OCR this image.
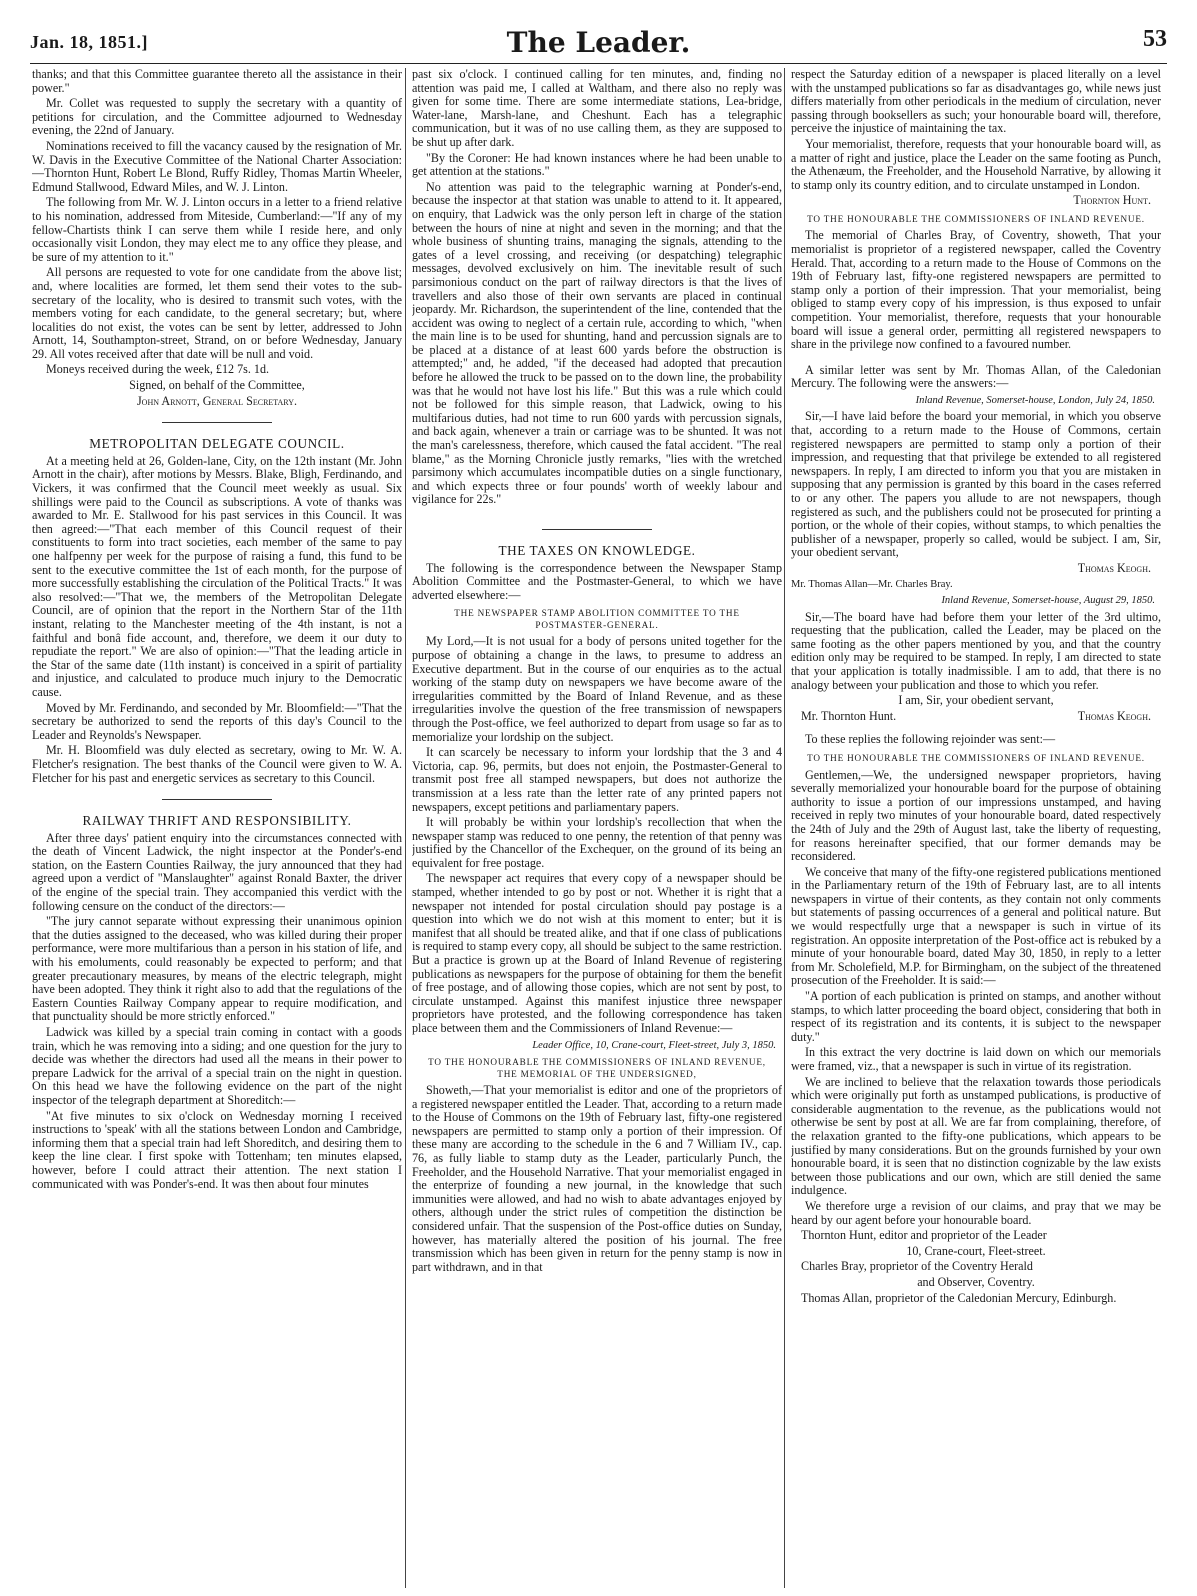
Jan. 18, 1851.]	The Leader.	53

thanks; and that this Committee guarantee thereto all the assistance in their power."

Mr. Collet was requested to supply the secretary with a quantity of petitions for circulation, and the Committee adjourned to Wednesday evening, the 22nd of January.

Nominations received to fill the vacancy caused by the resignation of Mr. W. Davis in the Executive Committee of the National Charter Association:—Thornton Hunt, Robert Le Blond, Ruffy Ridley, Thomas Martin Wheeler, Edmund Stallwood, Edward Miles, and W. J. Linton.

The following from Mr. W. J. Linton occurs in a letter to a friend relative to his nomination, addressed from Miteside, Cumberland:—"If any of my fellow-Chartists think I can serve them while I reside here, and only occasionally visit London, they may elect me to any office they please, and be sure of my attention to it."

All persons are requested to vote for one candidate from the above list; and, where localities are formed, let them send their votes to the sub-secretary of the locality, who is desired to transmit such votes, with the members voting for each candidate, to the general secretary; but, where localities do not exist, the votes can be sent by letter, addressed to John Arnott, 14, Southampton-street, Strand, on or before Wednesday, January 29. All votes received after that date will be null and void.

Moneys received during the week, £12 7s. 1d.

Signed, on behalf of the Committee,

John Arnott, General Secretary.

METROPOLITAN DELEGATE COUNCIL.

At a meeting held at 26, Golden-lane, City, on the 12th instant (Mr. John Arnott in the chair), after motions by Messrs. Blake, Bligh, Ferdinando, and Vickers, it was confirmed that the Council meet weekly as usual. Six shillings were paid to the Council as subscriptions. A vote of thanks was awarded to Mr. E. Stallwood for his past services in this Council. It was then agreed:—"That each member of this Council request of their constituents to form into tract societies, each member of the same to pay one halfpenny per week for the purpose of raising a fund, this fund to be sent to the executive committee the 1st of each month, for the purpose of more successfully establishing the circulation of the Political Tracts." It was also resolved:—"That we, the members of the Metropolitan Delegate Council, are of opinion that the report in the Northern Star of the 11th instant, relating to the Manchester meeting of the 4th instant, is not a faithful and bonâ fide account, and, therefore, we deem it our duty to repudiate the report." We are also of opinion:—"That the leading article in the Star of the same date (11th instant) is conceived in a spirit of partiality and injustice, and calculated to produce much injury to the Democratic cause.

Moved by Mr. Ferdinando, and seconded by Mr. Bloomfield:—"That the secretary be authorized to send the reports of this day's Council to the Leader and Reynolds's Newspaper.

Mr. H. Bloomfield was duly elected as secretary, owing to Mr. W. A. Fletcher's resignation. The best thanks of the Council were given to W. A. Fletcher for his past and energetic services as secretary to this Council.

RAILWAY THRIFT AND RESPONSIBILITY.

After three days' patient enquiry into the circumstances connected with the death of Vincent Ladwick, the night inspector at the Ponder's-end station, on the Eastern Counties Railway, the jury announced that they had agreed upon a verdict of "Manslaughter" against Ronald Baxter, the driver of the engine of the special train. They accompanied this verdict with the following censure on the conduct of the directors:—

"The jury cannot separate without expressing their unanimous opinion that the duties assigned to the deceased, who was killed during their proper performance, were more multifarious than a person in his station of life, and with his emoluments, could reasonably be expected to perform; and that greater precautionary measures, by means of the electric telegraph, might have been adopted. They think it right also to add that the regulations of the Eastern Counties Railway Company appear to require modification, and that punctuality should be more strictly enforced."

Ladwick was killed by a special train coming in contact with a goods train, which he was removing into a siding; and one question for the jury to decide was whether the directors had used all the means in their power to prepare Ladwick for the arrival of a special train on the night in question. On this head we have the following evidence on the part of the night inspector of the telegraph department at Shoreditch:—

"At five minutes to six o'clock on Wednesday morning I received instructions to 'speak' with all the stations between London and Cambridge, informing them that a special train had left Shoreditch, and desiring them to keep the line clear. I first spoke with Tottenham; ten minutes elapsed, however, before I could attract their attention. The next station I communicated with was Ponder's-end. It was then about four minutes

past six o'clock. I continued calling for ten minutes, and, finding no attention was paid me, I called at Waltham, and there also no reply was given for some time. There are some intermediate stations, Lea-bridge, Water-lane, Marsh-lane, and Cheshunt. Each has a telegraphic communication, but it was of no use calling them, as they are supposed to be shut up after dark.

"By the Coroner: He had known instances where he had been unable to get attention at the stations."

No attention was paid to the telegraphic warning at Ponder's-end, because the inspector at that station was unable to attend to it. It appeared, on enquiry, that Ladwick was the only person left in charge of the station between the hours of nine at night and seven in the morning; and that the whole business of shunting trains, managing the signals, attending to the gates of a level crossing, and receiving (or despatching) telegraphic messages, devolved exclusively on him. The inevitable result of such parsimonious conduct on the part of railway directors is that the lives of travellers and also those of their own servants are placed in continual jeopardy. Mr. Richardson, the superintendent of the line, contended that the accident was owing to neglect of a certain rule, according to which, "when the main line is to be used for shunting, hand and percussion signals are to be placed at a distance of at least 600 yards before the obstruction is attempted;" and, he added, "if the deceased had adopted that precaution before he allowed the truck to be passed on to the down line, the probability was that he would not have lost his life." But this was a rule which could not be followed for this simple reason, that Ladwick, owing to his multifarious duties, had not time to run 600 yards with percussion signals, and back again, whenever a train or carriage was to be shunted. It was not the man's carelessness, therefore, which caused the fatal accident. "The real blame," as the Morning Chronicle justly remarks, "lies with the wretched parsimony which accumulates incompatible duties on a single functionary, and which expects three or four pounds' worth of weekly labour and vigilance for 22s."

THE TAXES ON KNOWLEDGE.

The following is the correspondence between the Newspaper Stamp Abolition Committee and the Postmaster-General, to which we have adverted elsewhere:—

THE NEWSPAPER STAMP ABOLITION COMMITTEE TO THE POSTMASTER-GENERAL.

My Lord,—It is not usual for a body of persons united together for the purpose of obtaining a change in the laws, to presume to address an Executive department. But in the course of our enquiries as to the actual working of the stamp duty on newspapers we have become aware of the irregularities committed by the Board of Inland Revenue, and as these irregularities involve the question of the free transmission of newspapers through the Post-office, we feel authorized to depart from usage so far as to memorialize your lordship on the subject.

It can scarcely be necessary to inform your lordship that the 3 and 4 Victoria, cap. 96, permits, but does not enjoin, the Postmaster-General to transmit post free all stamped newspapers, but does not authorize the transmission at a less rate than the letter rate of any printed papers not newspapers, except petitions and parliamentary papers.

It will probably be within your lordship's recollection that when the newspaper stamp was reduced to one penny, the retention of that penny was justified by the Chancellor of the Exchequer, on the ground of its being an equivalent for free postage.

The newspaper act requires that every copy of a newspaper should be stamped, whether intended to go by post or not. Whether it is right that a newspaper not intended for postal circulation should pay postage is a question into which we do not wish at this moment to enter; but it is manifest that all should be treated alike, and that if one class of publications is required to stamp every copy, all should be subject to the same restriction. But a practice is grown up at the Board of Inland Revenue of registering publications as newspapers for the purpose of obtaining for them the benefit of free postage, and of allowing those copies, which are not sent by post, to circulate unstamped. Against this manifest injustice three newspaper proprietors have protested, and the following correspondence has taken place between them and the Commissioners of Inland Revenue:—

Leader Office, 10, Crane-court, Fleet-street, July 3, 1850.
TO THE HONOURABLE THE COMMISSIONERS OF INLAND REVENUE, THE MEMORIAL OF THE UNDERSIGNED,

Showeth,—That your memorialist is editor and one of the proprietors of a registered newspaper entitled the Leader. That, according to a return made to the House of Commons on the 19th of February last, fifty-one registered newspapers are permitted to stamp only a portion of their impression. Of these many are according to the schedule in the 6 and 7 William IV., cap. 76, as fully liable to stamp duty as the Leader, particularly Punch, the Freeholder, and the Household Narrative. That your memorialist engaged in the enterprize of founding a new journal, in the knowledge that such immunities were allowed, and had no wish to abate advantages enjoyed by others, although under the strict rules of competition the distinction be considered unfair. That the suspension of the Post-office duties on Sunday, however, has materially altered the position of his journal. The free transmission which has been given in return for the penny stamp is now in part withdrawn, and in that

respect the Saturday edition of a newspaper is placed literally on a level with the unstamped publications so far as disadvantages go, while news just differs materially from other periodicals in the medium of circulation, never passing through booksellers as such; your honourable board will, therefore, perceive the injustice of maintaining the tax.

Your memorialist, therefore, requests that your honourable board will, as a matter of right and justice, place the Leader on the same footing as Punch, the Athenæum, the Freeholder, and the Household Narrative, by allowing it to stamp only its country edition, and to circulate unstamped in London.

Thornton Hunt.

TO THE HONOURABLE THE COMMISSIONERS OF INLAND REVENUE.

The memorial of Charles Bray, of Coventry, showeth, That your memorialist is proprietor of a registered newspaper, called the Coventry Herald. That, according to a return made to the House of Commons on the 19th of February last, fifty-one registered newspapers are permitted to stamp only a portion of their impression. That your memorialist, being obliged to stamp every copy of his impression, is thus exposed to unfair competition. Your memorialist, therefore, requests that your honourable board will issue a general order, permitting all registered newspapers to share in the privilege now confined to a favoured number.

A similar letter was sent by Mr. Thomas Allan, of the Caledonian Mercury. The following were the answers:—

Inland Revenue, Somerset-house, London, July 24, 1850.

Sir,—I have laid before the board your memorial, in which you observe that, according to a return made to the House of Commons, certain registered newspapers are permitted to stamp only a portion of their impression, and requesting that that privilege be extended to all registered newspapers. In reply, I am directed to inform you that you are mistaken in supposing that any permission is granted by this board in the cases referred to or any other. The papers you allude to are not newspapers, though registered as such, and the publishers could not be prosecuted for printing a portion, or the whole of their copies, without stamps, to which penalties the publisher of a newspaper, properly so called, would be subject. I am, Sir, your obedient servant,

Thomas Keogh.

Mr. Thomas Allan—Mr. Charles Bray.

Inland Revenue, Somerset-house, August 29, 1850.

Sir,—The board have had before them your letter of the 3rd ultimo, requesting that the publication, called the Leader, may be placed on the same footing as the other papers mentioned by you, and that the country edition only may be required to be stamped. In reply, I am directed to state that your application is totally inadmissible. I am to add, that there is no analogy between your publication and those to which you refer.

I am, Sir, your obedient servant,

Mr. Thornton Hunt.	Thomas Keogh.

To these replies the following rejoinder was sent:—

TO THE HONOURABLE THE COMMISSIONERS OF INLAND REVENUE.

Gentlemen,—We, the undersigned newspaper proprietors, having severally memorialized your honourable board for the purpose of obtaining authority to issue a portion of our impressions unstamped, and having received in reply two minutes of your honourable board, dated respectively the 24th of July and the 29th of August last, take the liberty of requesting, for reasons hereinafter specified, that our former demands may be reconsidered.

We conceive that many of the fifty-one registered publications mentioned in the Parliamentary return of the 19th of February last, are to all intents newspapers in virtue of their contents, as they contain not only comments but statements of passing occurrences of a general and political nature. But we would respectfully urge that a newspaper is such in virtue of its registration. An opposite interpretation of the Post-office act is rebuked by a minute of your honourable board, dated May 30, 1850, in reply to a letter from Mr. Scholefield, M.P. for Birmingham, on the subject of the threatened prosecution of the Freeholder. It is said:—

"A portion of each publication is printed on stamps, and another without stamps, to which latter proceeding the board object, considering that both in respect of its registration and its contents, it is subject to the newspaper duty."

In this extract the very doctrine is laid down on which our memorials were framed, viz., that a newspaper is such in virtue of its registration.

We are inclined to believe that the relaxation towards those periodicals which were originally put forth as unstamped publications, is productive of considerable augmentation to the revenue, as the publications would not otherwise be sent by post at all. We are far from complaining, therefore, of the relaxation granted to the fifty-one publications, which appears to be justified by many considerations. But on the grounds furnished by your own honourable board, it is seen that no distinction cognizable by the law exists between those publications and our own, which are still denied the same indulgence.

We therefore urge a revision of our claims, and pray that we may be heard by our agent before your honourable board.

Thornton Hunt, editor and proprietor of the Leader

10, Crane-court, Fleet-street.

Charles Bray, proprietor of the Coventry Herald

and Observer, Coventry.

Thomas Allan, proprietor of the Caledonian Mercury, Edinburgh.
